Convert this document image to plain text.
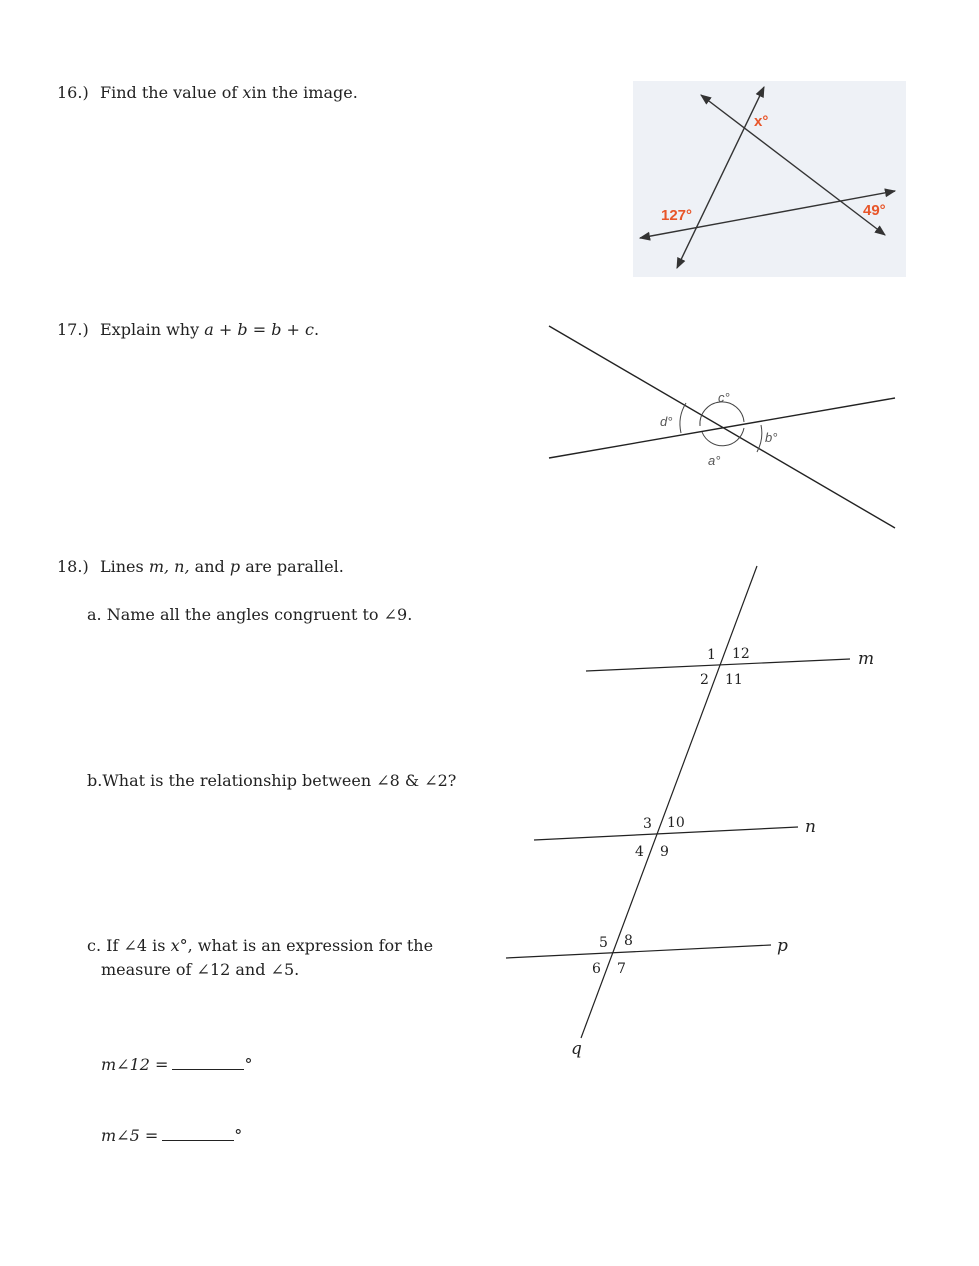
16.) Find the value of xin the image.
x°
127°	49°
17.) Explain why a + b = b + c.
c°
d°
b°
a°
18.) Lines m, n, and p are parallel.
a. Name all the angles congruent to ∠9.
b.What is the relationship between ∠8 & ∠2?
c. If ∠4 is x°, what is an expression for the
measure of ∠12 and ∠5.
m∠12 =	°
m∠5 =	°
m
n
p
q
1 12
2 11
3 10
4 9
5 8
6 7
